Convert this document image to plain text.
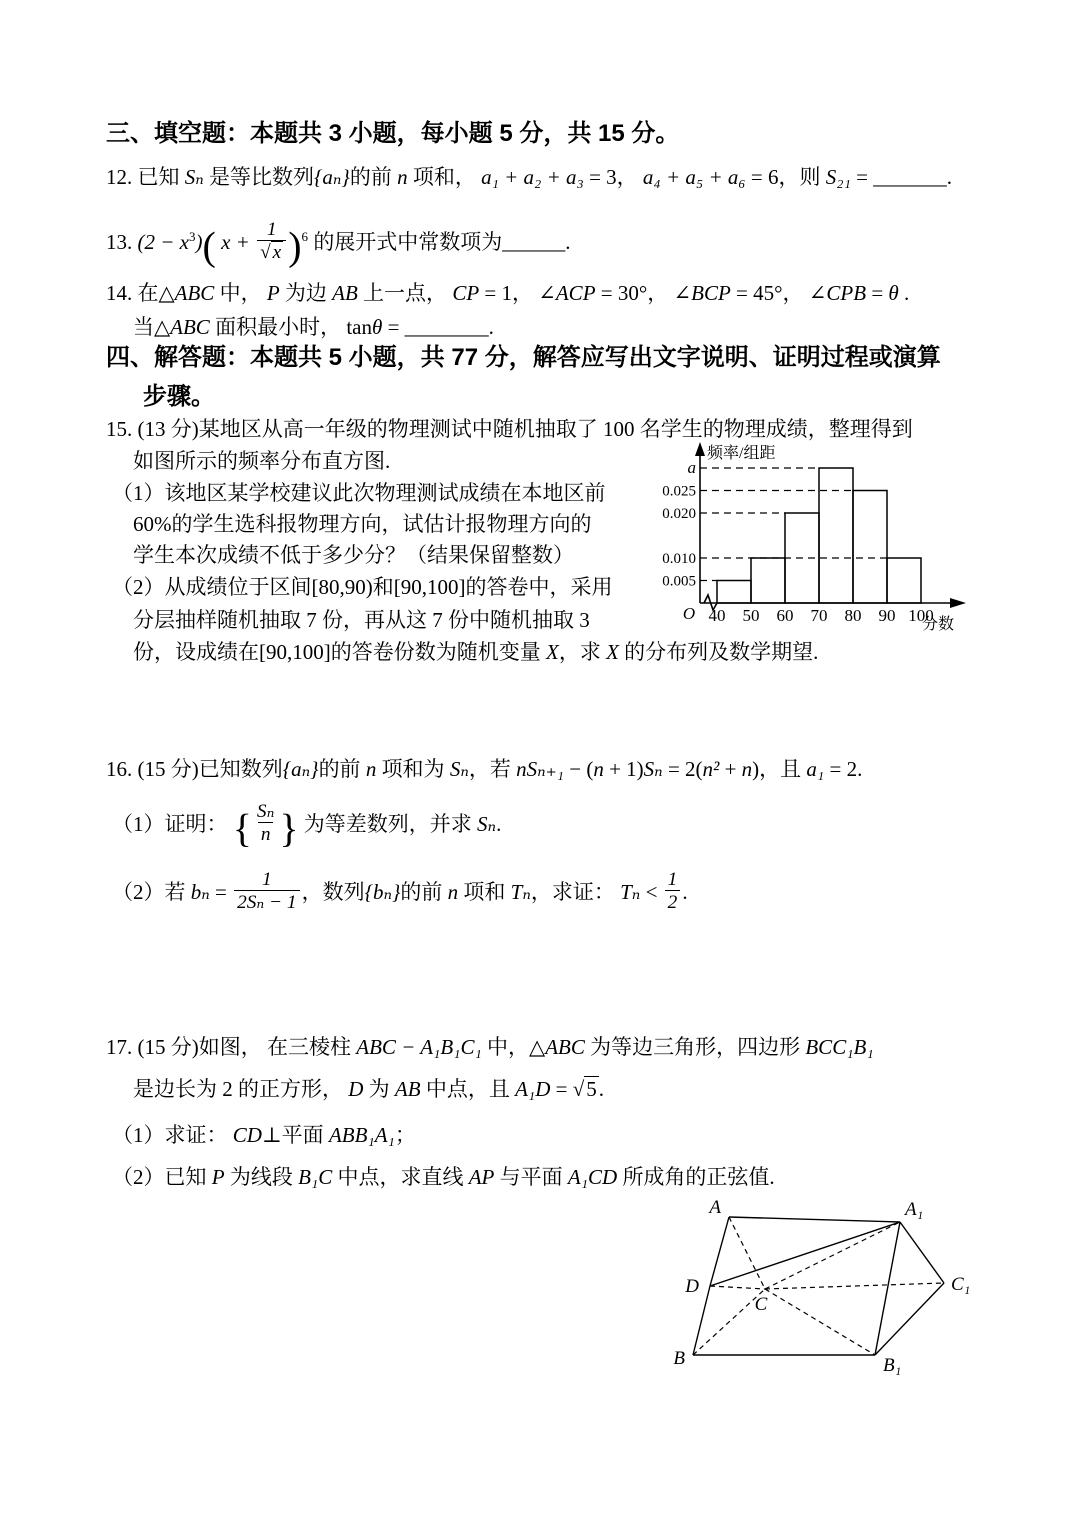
三、填空题：本题共 3 小题，每小题 5 分，共 15 分。
12. 已知 Sₙ 是等比数列{aₙ}的前 n 项和， a₁ + a₂ + a₃ = 3， a₄ + a₅ + a₆ = 6，则 S₂₁ = _______.
13. $(2 - x^3)$( $x + \frac{1}{√ x} )^6$ 的展开式中常数项为______.
14. 在△ABC 中， P 为边 AB 上一点， CP = 1， ∠ACP = 30°， ∠BCP = 45°， ∠CPB = θ .
当△ABC 面积最小时， tanθ = ________.
四、解答题：本题共 5 小题，共 77 分，解答应写出文字说明、证明过程或演算
步骤。
15. (13 分)某地区从高一年级的物理测试中随机抽取了 100 名学生的物理成绩，整理得到
如图所示的频率分布直方图.
（1）该地区某学校建议此次物理测试成绩在本地区前
60%的学生选科报物理方向，试估计报物理方向的
学生本次成绩不低于多少分？（结果保留整数）
（2）从成绩位于区间[80,90)和[90,100]的答卷中，采用
分层抽样随机抽取 7 份，再从这 7 份中随机抽取 3
份，设成绩在[90,100]的答卷份数为随机变量 X，求 X 的分布列及数学期望.
a
0.025
0.020
0.010
0.005
40 50 60 70 80 90 100
频率/组距
分数
O
16. (15 分)已知数列{aₙ}的前 n 项和为 Sₙ，若 nSₙ₊₁ − (n + 1)Sₙ = 2(n² + n)，且 a₁ = 2.
（1）证明： { $\frac{\text{Sₙ}}{n}$ } 为等差数列，并求 Sₙ.
（2）若 $b_n = \frac{1}{\text{2Sₙ − 1}}$ ，数列{bₙ}的前 n 项和 Tₙ，求证： $T_n < \frac{1}{2}$ .
17. (15 分)如图， 在三棱柱 ABC − A₁B₁C₁ 中，△ABC 为等边三角形，四边形 BCC₁B₁
是边长为 2 的正方形， D 为 AB 中点，且 A₁D = √5.
（1）求证： CD⊥平面 ABB₁A₁；
（2）已知 P 为线段 B₁C 中点，求直线 AP 与平面 A₁CD 所成角的正弦值.
A	A₁
D
C
C₁
B	B₁
